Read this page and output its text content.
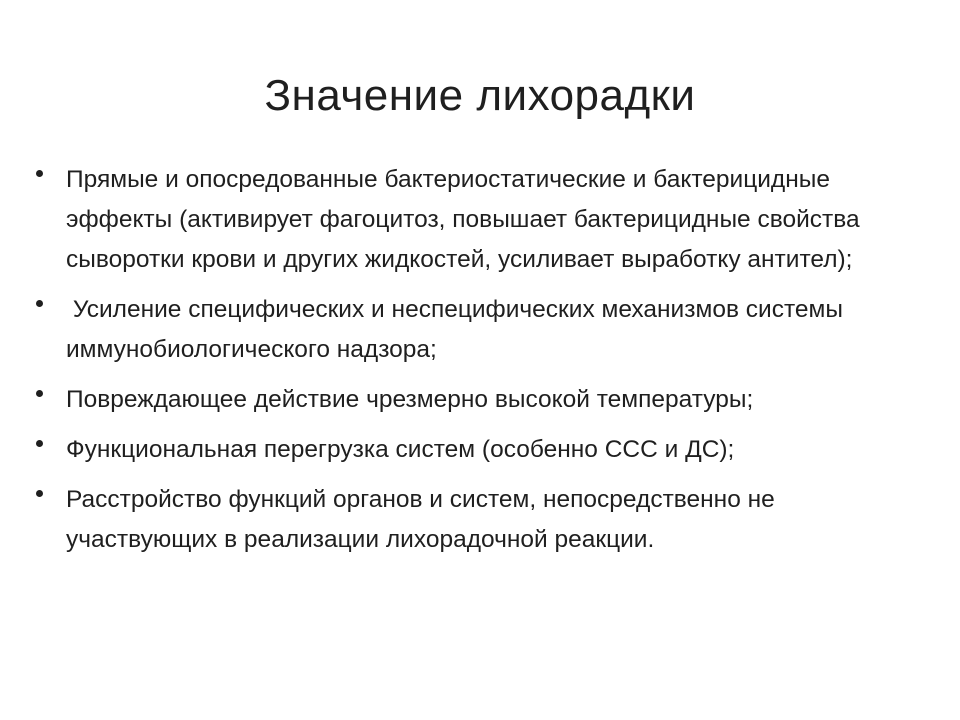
Значение лихорадки
Прямые и опосредованные бактериостатические и бактерицидные эффекты (активирует фагоцитоз, повышает бактерицидные свойства сыворотки крови и других жидкостей, усиливает выработку антител);
Усиление специфических и неспецифических механизмов системы иммунобиологического надзора;
Повреждающее действие чрезмерно высокой температуры;
Функциональная перегрузка систем (особенно ССС и ДС);
Расстройство функций органов и систем, непосредственно не участвующих в реализации лихорадочной реакции.
